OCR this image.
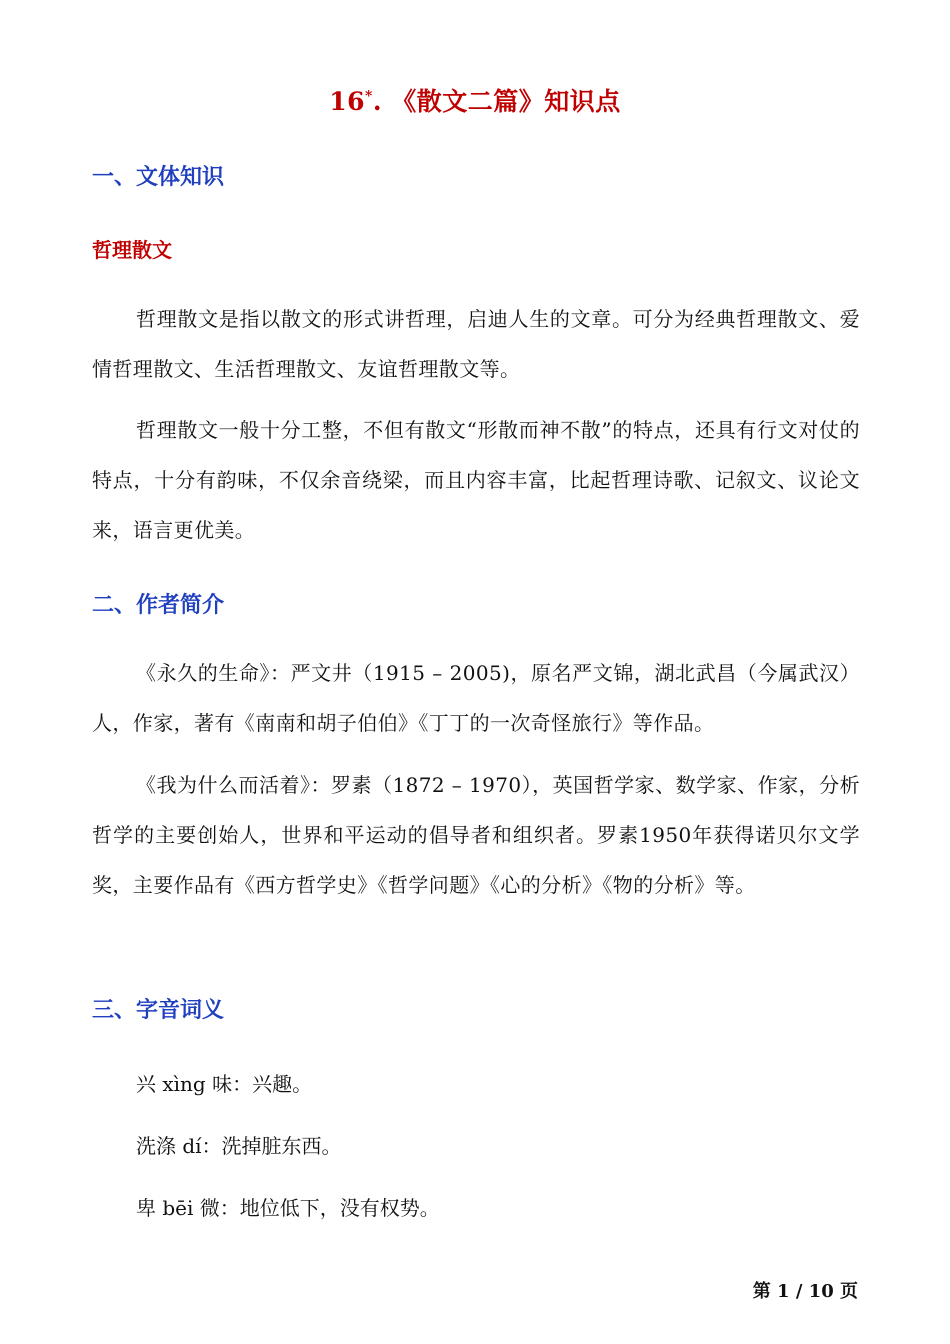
16*. 《散文二篇》知识点
一、文体知识
哲理散文
哲理散文是指以散文的形式讲哲理，启迪人生的文章。可分为经典哲理散文、爱情哲理散文、生活哲理散文、友谊哲理散文等。
哲理散文一般十分工整，不但有散文“形散而神不散”的特点，还具有行文对仗的特点，十分有韵味，不仅余音绕梁，而且内容丰富，比起哲理诗歌、记叙文、议论文来，语言更优美。
二、作者简介
《永久的生命》：严文井（1915 – 2005)，原名严文锦，湖北武昌（今属武汉）人，作家，著有《南南和胡子伯伯》《丁丁的一次奇怪旅行》等作品。
《我为什么而活着》：罗素（1872 – 1970），英国哲学家、数学家、作家，分析哲学的主要创始人，世界和平运动的倡导者和组织者。罗素1950年获得诺贝尔文学奖，主要作品有《西方哲学史》《哲学问题》《心的分析》《物的分析》等。
三、字音词义
兴 xìng 味：兴趣。
洗涤 dí：洗掉脏东西。
卑 bēi 微：地位低下，没有权势。
第 1 / 10 页
